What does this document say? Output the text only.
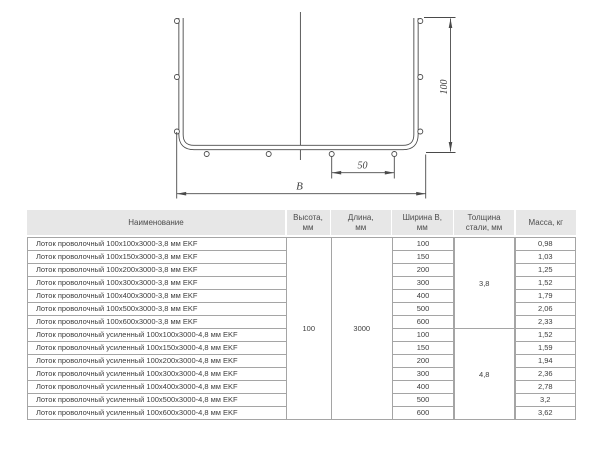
100
50
В
Наименование
Высота,
мм
Длина,
мм
Ширина В,
мм
Толщина
стали, мм
Масса, кг
Лоток проволочный 100х100х3000-3,8 мм EKF
Лоток проволочный 100х150х3000-3,8 мм EKF
Лоток проволочный 100х200х3000-3,8 мм EKF
Лоток проволочный 100х300х3000-3,8 мм EKF
Лоток проволочный 100х400х3000-3,8 мм EKF
Лоток проволочный 100х500х3000-3,8 мм EKF
Лоток проволочный 100х600х3000-3,8 мм EKF
Лоток проволочный усиленный 100х100х3000-4,8 мм EKF
Лоток проволочный усиленный 100х150х3000-4,8 мм EKF
Лоток проволочный усиленный 100х200х3000-4,8 мм EKF
Лоток проволочный усиленный 100х300х3000-4,8 мм EKF
Лоток проволочный усиленный 100х400х3000-4,8 мм EKF
Лоток проволочный усиленный 100х500х3000-4,8 мм EKF
Лоток проволочный усиленный 100х600х3000-4,8 мм EKF
100	3000
100
150
200
300
400
500
600
100
150
200
300
400
500
600
3,8
4,8
0,98
1,03
1,25
1,52
1,79
2,06
2,33
1,52
1,59
1,94
2,36
2,78
3,2
3,62
